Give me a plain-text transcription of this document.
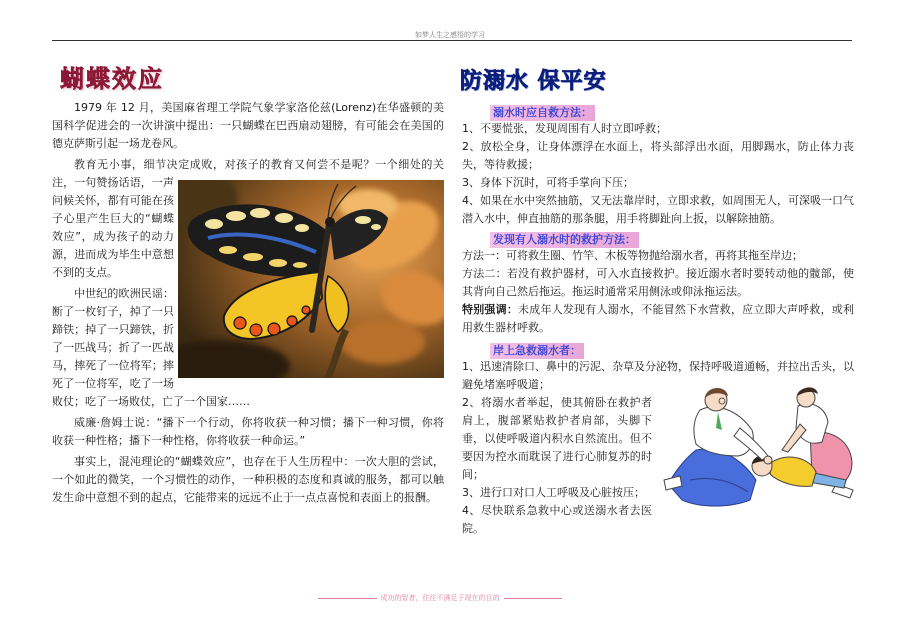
如梦人生之感悟的学习
蝴蝶效应

1979 年 12 月，美国麻省理工学院气象学家洛伦兹(Lorenz)在华盛顿的美国科学促进会的一次讲演中提出：一只蝴蝶在巴西扇动翅膀，有可能会在美国的德克萨斯引起一场龙卷风。

教育无小事，细节决定成败，对孩子的教育又何尝不是呢？一个细处的关注，一句赞扬话语，一声问候关怀，都有可能在孩子心里产生巨大的“蝴蝶效应”，成为孩子的动力源，进而成为毕生中意想不到的支点。

中世纪的欧洲民谣：断了一枚钉子，掉了一只蹄铁；掉了一只蹄铁，折了一匹战马；折了一匹战马，摔死了一位将军；摔死了一位将军，吃了一场败仗；吃了一场败仗，亡了一个国家……

威廉·詹姆士说：“播下一个行动，你将收获一种习惯；播下一种习惯，你将收获一种性格；播下一种性格，你将收获一种命运。”

事实上，混沌理论的“蝴蝶效应”，也存在于人生历程中：一次大胆的尝试，一个如此的微笑，一个习惯性的动作，一种积极的态度和真诚的服务，都可以触发生命中意想不到的起点，它能带来的远远不止于一点点喜悦和表面上的报酬。

防溺水 保平安
溺水时应自救方法：

1、不要慌张，发现周围有人时立即呼救；

2、放松全身，让身体漂浮在水面上，将头部浮出水面，用脚踢水，防止体力丧失，等待救援；

3、身体下沉时，可将手掌向下压；

4、如果在水中突然抽筋，又无法靠岸时，立即求救，如周围无人，可深吸一口气潜入水中，伸直抽筋的那条腿，用手将脚趾向上扳，以解除抽筋。

发现有人溺水时的救护方法：

方法一：可将救生圈、竹竿、木板等物抛给溺水者，再将其拖至岸边；

方法二：若没有救护器材，可入水直接救护。接近溺水者时要转动他的髋部，使其背向自己然后拖运。拖运时通常采用侧泳或仰泳拖运法。

特别强调：未成年人发现有人溺水，不能冒然下水营救，应立即大声呼救，或利用救生器材呼救。

岸上急救溺水者：

1、迅速清除口、鼻中的污泥、杂草及分泌物，保持呼吸道通畅，并拉出舌头，以避免堵塞呼吸道；

2、将溺水者举起，使其俯卧在救护者肩上，腹部紧贴救护者肩部，头脚下垂，以使呼吸道内积水自然流出。但不要因为控水而耽误了进行心肺复苏的时间；

3、进行口对口人工呼吸及心脏按压；

4、尽快联系急救中心或送溺水者去医院。

成功的智者，往往不满足于现在的目的
